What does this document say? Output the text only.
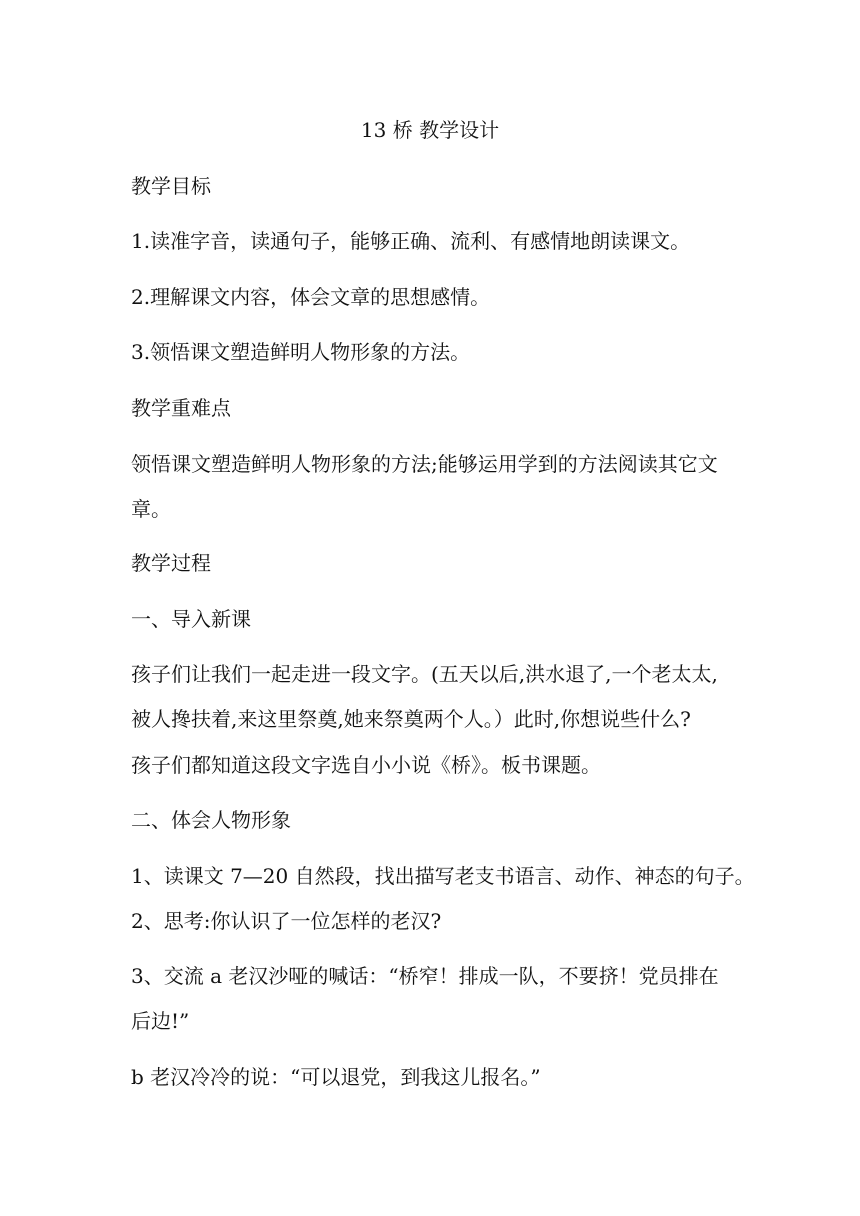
13 桥 教学设计
教学目标
1.读准字音，读通句子，能够正确、流利、有感情地朗读课文。
2.理解课文内容，体会文章的思想感情。
3.领悟课文塑造鲜明人物形象的方法。
教学重难点
领悟课文塑造鲜明人物形象的方法;能够运用学到的方法阅读其它文
章。
教学过程
一、导入新课
孩子们让我们一起走进一段文字。(五天以后,洪水退了,一个老太太,
被人搀扶着,来这里祭奠,她来祭奠两个人。）此时,你想说些什么?
孩子们都知道这段文字选自小小说《桥》。板书课题。
二、体会人物形象
1、读课文 7—20 自然段，找出描写老支书语言、动作、神态的句子。
2、思考:你认识了一位怎样的老汉?
3、交流 a 老汉沙哑的喊话：“桥窄！排成一队，不要挤！党员排在
后边!”
b 老汉冷冷的说：“可以退党，到我这儿报名。”
